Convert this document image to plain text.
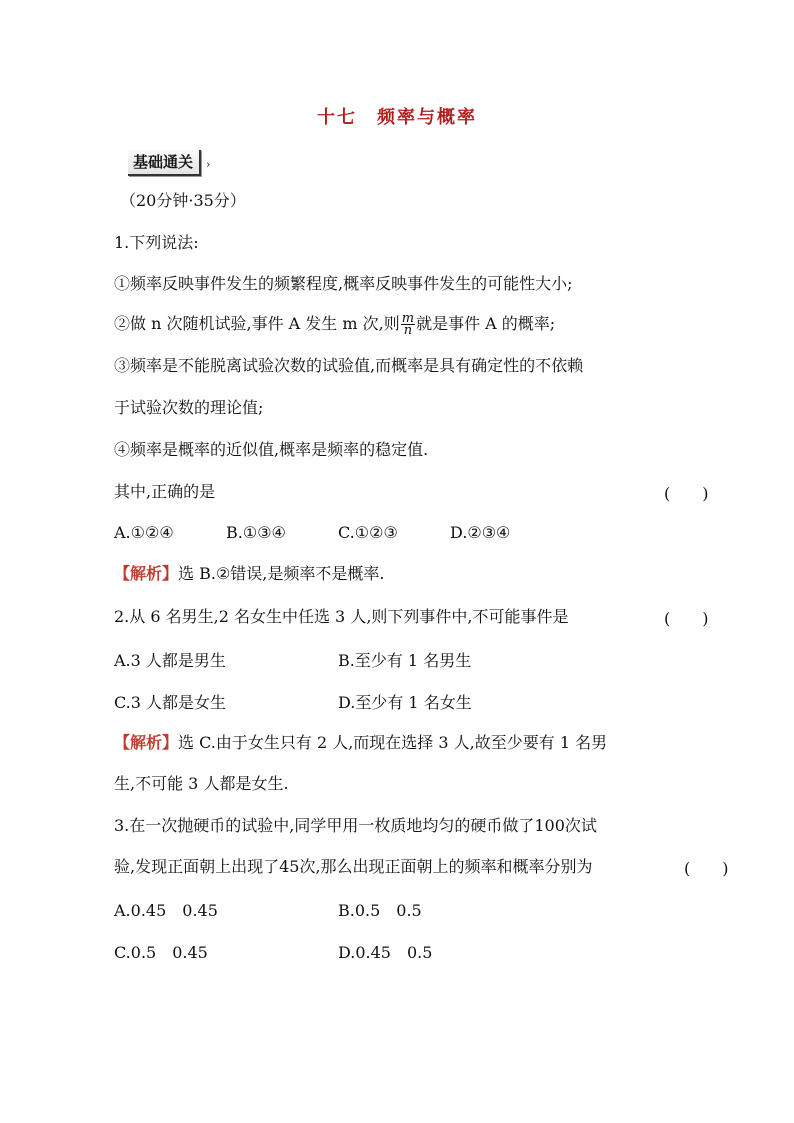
十七　频率与概率
基础通关	›
（20分钟·35分）
1.下列说法:
①频率反映事件发生的频繁程度,概率反映事件发生的可能性大小;
②做 n 次随机试验,事件 A 发生 m 次,则 $\frac{m}{n}$ 就是事件 A 的概率;
③频率是不能脱离试验次数的试验值,而概率是具有确定性的不依赖
于试验次数的理论值;
④频率是概率的近似值,概率是频率的稳定值.
其中,正确的是	(　　)
A.①②④	B.①③④	C.①②③	D.②③④
【解析】选 B.②错误,是频率不是概率.
2.从 6 名男生,2 名女生中任选 3 人,则下列事件中,不可能事件是	(　　)
A.3 人都是男生	B.至少有 1 名男生
C.3 人都是女生	D.至少有 1 名女生
【解析】选 C.由于女生只有 2 人,而现在选择 3 人,故至少要有 1 名男
生,不可能 3 人都是女生.
3.在一次抛硬币的试验中,同学甲用一枚质地均匀的硬币做了100次试
验,发现正面朝上出现了45次,那么出现正面朝上的频率和概率分别为	(　　)
A.0.45　0.45	B.0.5　0.5
C.0.5　0.45	D.0.45　0.5
